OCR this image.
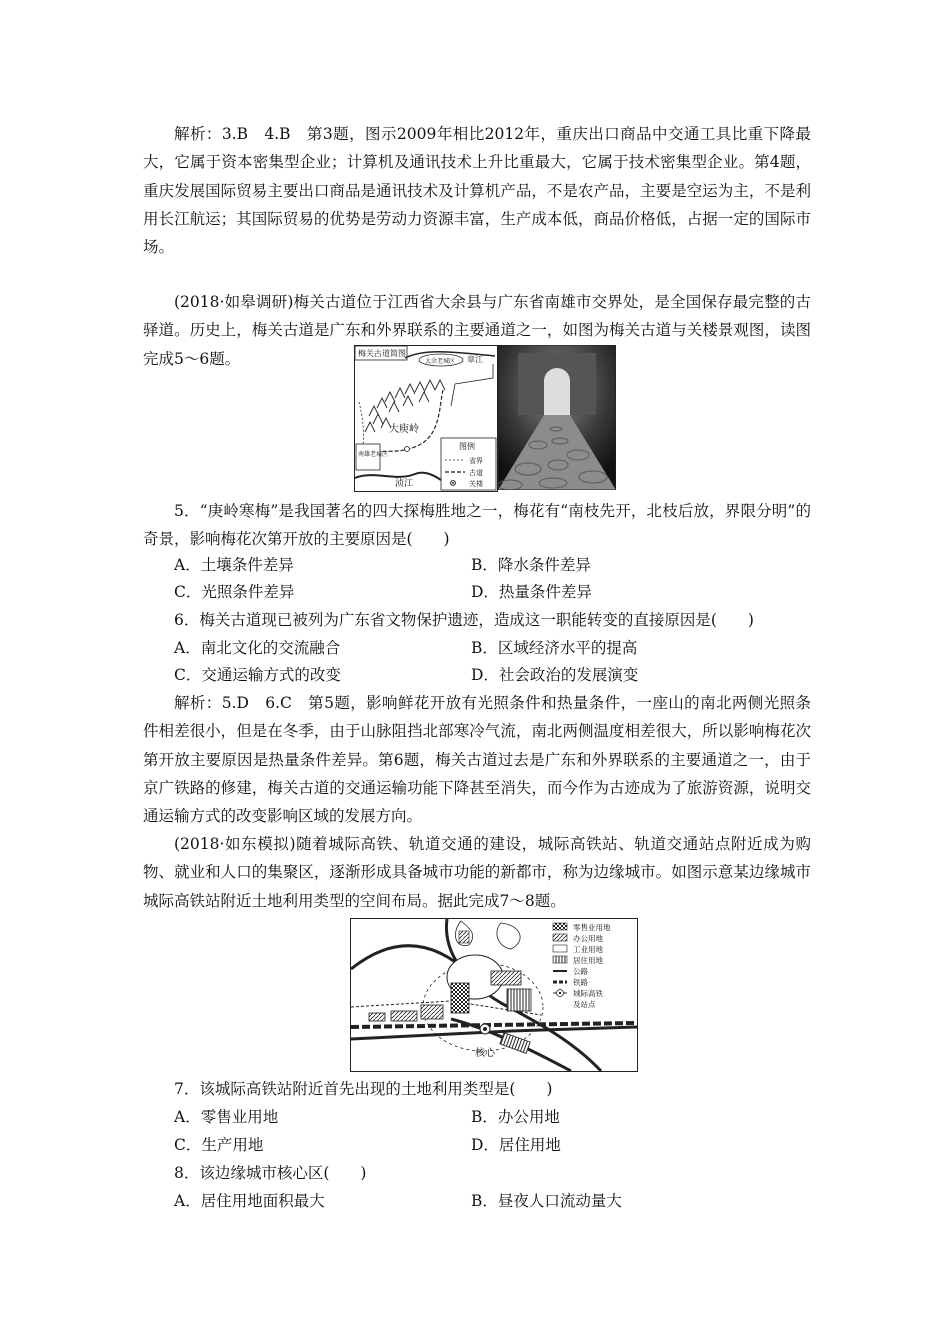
解析：3.B　4.B　第3题，图示2009年相比2012年，重庆出口商品中交通工具比重下降最大，它属于资本密集型企业；计算机及通讯技术上升比重最大，它属于技术密集型企业。第4题，重庆发展国际贸易主要出口商品是通讯技术及计算机产品，不是农产品，主要是空运为主，不是利用长江航运；其国际贸易的优势是劳动力资源丰富，生产成本低，商品价格低，占据一定的国际市场。

(2018·如皋调研)梅关古道位于江西省大余县与广东省南雄市交界处，是全国保存最完整的古驿道。历史上，梅关古道是广东和外界联系的主要通道之一，如图为梅关古道与关楼景观图，读图完成5～6题。	梅关古道简图
大余老城区 章江
大庾岭
南雄老城区
浈江
图例
省界
古道
关楼

5．“庚岭寒梅”是我国著名的四大探梅胜地之一，梅花有“南枝先开，北枝后放，界限分明”的奇景，影响梅花次第开放的主要原因是(　　)

A．土壤条件差异	B．降水条件差异

C．光照条件差异	D．热量条件差异

6．梅关古道现已被列为广东省文物保护遗迹，造成这一职能转变的直接原因是(　　)

A．南北文化的交流融合	B．区域经济水平的提高

C．交通运输方式的改变	D．社会政治的发展演变

解析：5.D　6.C　第5题，影响鲜花开放有光照条件和热量条件，一座山的南北两侧光照条件相差很小，但是在冬季，由于山脉阻挡北部寒冷气流，南北两侧温度相差很大，所以影响梅花次第开放主要原因是热量条件差异。第6题，梅关古道过去是广东和外界联系的主要通道之一，由于京广铁路的修建，梅关古道的交通运输功能下降甚至消失，而今作为古迹成为了旅游资源，说明交通运输方式的改变影响区域的发展方向。

(2018·如东模拟)随着城际高铁、轨道交通的建设，城际高铁站、轨道交通站点附近成为购物、就业和人口的集聚区，逐渐形成具备城市功能的新都市，称为边缘城市。如图示意某边缘城市城际高铁站附近土地利用类型的空间布局。据此完成7～8题。

核心
零售业用地
办公用地
工业用地
居住用地
公路
铁路
城际高铁
及站点

7．该城际高铁站附近首先出现的土地利用类型是(　　)

A．零售业用地	B．办公用地

C．生产用地	D．居住用地

8．该边缘城市核心区(　　)

A．居住用地面积最大	B．昼夜人口流动量大
